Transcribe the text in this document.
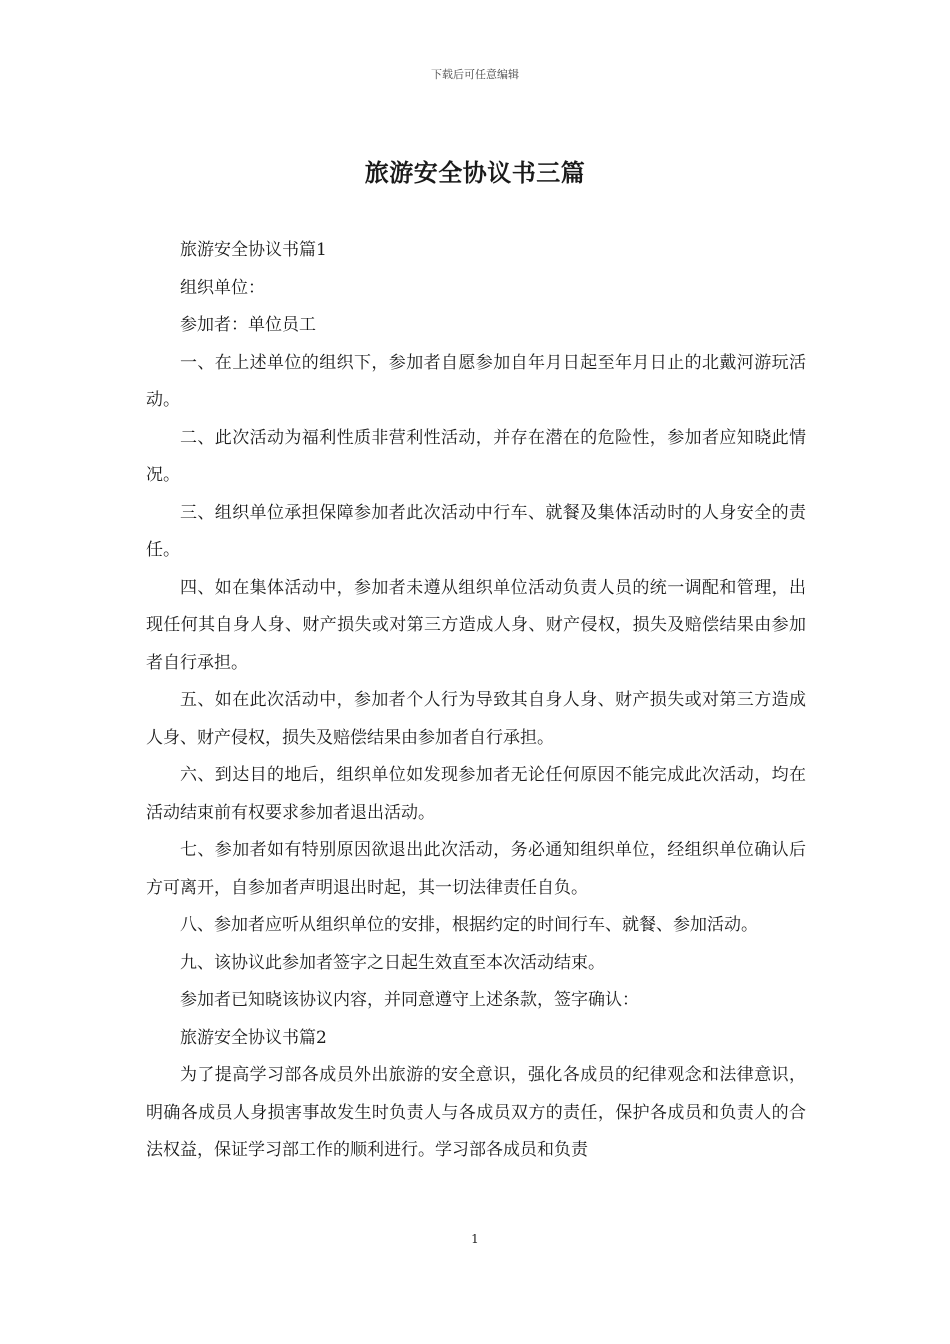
下载后可任意编辑
旅游安全协议书三篇

旅游安全协议书篇1

组织单位：

参加者：单位员工

一、在上述单位的组织下，参加者自愿参加自年月日起至年月日止的北戴河游玩活动。

二、此次活动为福利性质非营利性活动，并存在潜在的危险性，参加者应知晓此情况。

三、组织单位承担保障参加者此次活动中行车、就餐及集体活动时的人身安全的责任。

四、如在集体活动中，参加者未遵从组织单位活动负责人员的统一调配和管理，出现任何其自身人身、财产损失或对第三方造成人身、财产侵权，损失及赔偿结果由参加者自行承担。

五、如在此次活动中，参加者个人行为导致其自身人身、财产损失或对第三方造成人身、财产侵权，损失及赔偿结果由参加者自行承担。

六、到达目的地后，组织单位如发现参加者无论任何原因不能完成此次活动，均在活动结束前有权要求参加者退出活动。

七、参加者如有特别原因欲退出此次活动，务必通知组织单位，经组织单位确认后方可离开，自参加者声明退出时起，其一切法律责任自负。

八、参加者应听从组织单位的安排，根据约定的时间行车、就餐、参加活动。

九、该协议此参加者签字之日起生效直至本次活动结束。

参加者已知晓该协议内容，并同意遵守上述条款，签字确认：

旅游安全协议书篇2

为了提高学习部各成员外出旅游的安全意识，强化各成员的纪律观念和法律意识，明确各成员人身损害事故发生时负责人与各成员双方的责任，保护各成员和负责人的合法权益，保证学习部工作的顺利进行。学习部各成员和负责

1
